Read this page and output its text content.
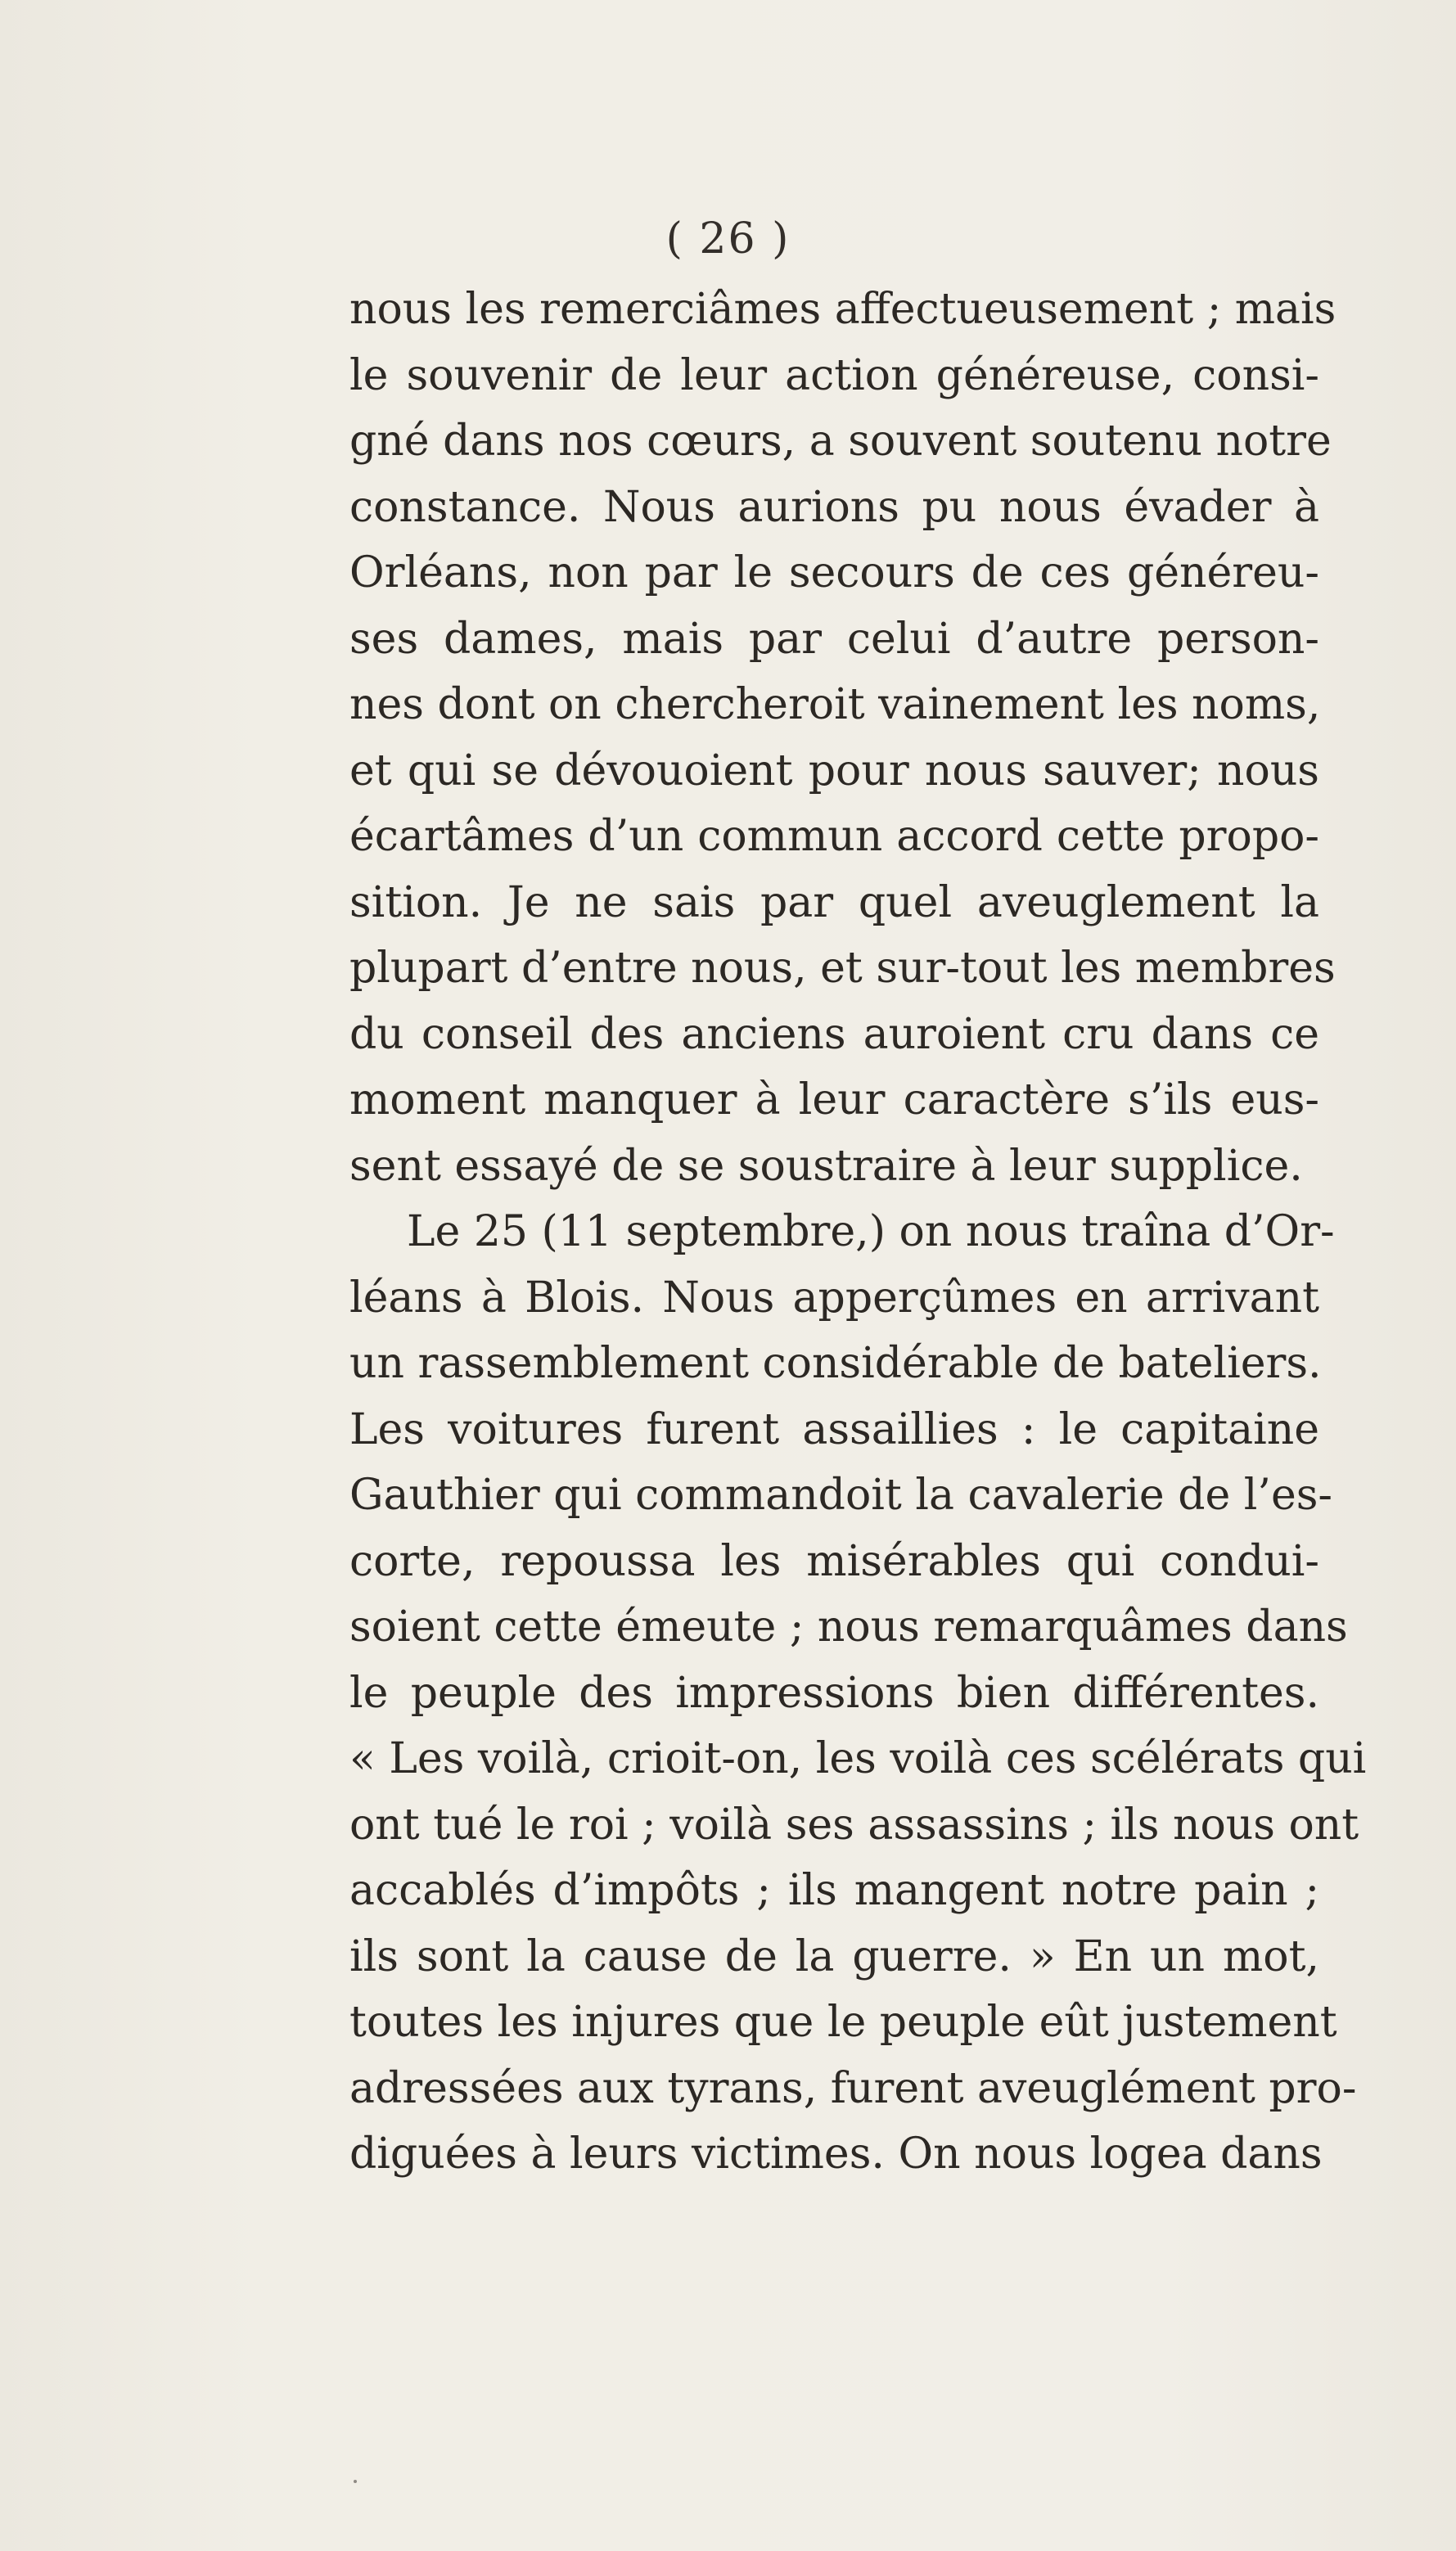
( 26 )
nous les remerciâmes affectueusement ; mais
le souvenir de leur action généreuse, consi-
gné dans nos cœurs, a souvent soutenu notre
constance. Nous aurions pu nous évader à
Orléans, non par le secours de ces généreu-
ses dames, mais par celui d’autre person-
nes dont on chercheroit vainement les noms,
et qui se dévouoient pour nous sauver; nous
écartâmes d’un commun accord cette propo-
sition. Je ne sais par quel aveuglement la
plupart d’entre nous, et sur-tout les membres
du conseil des anciens auroient cru dans ce
moment manquer à leur caractère s’ils eus-
sent essayé de se soustraire à leur supplice.
Le 25 (11 septembre,) on nous traîna d’Or-
léans à Blois. Nous apperçûmes en arrivant
un rassemblement considérable de bateliers.
Les voitures furent assaillies : le capitaine
Gauthier qui commandoit la cavalerie de l’es-
corte, repoussa les misérables qui condui-
soient cette émeute ; nous remarquâmes dans
le peuple des impressions bien différentes.
« Les voilà, crioit-on, les voilà ces scélérats qui
ont tué le roi ; voilà ses assassins ; ils nous ont
accablés d’impôts ; ils mangent notre pain ;
ils sont la cause de la guerre. » En un mot,
toutes les injures que le peuple eût justement
adressées aux tyrans, furent aveuglément pro-
diguées à leurs victimes. On nous logea dans
